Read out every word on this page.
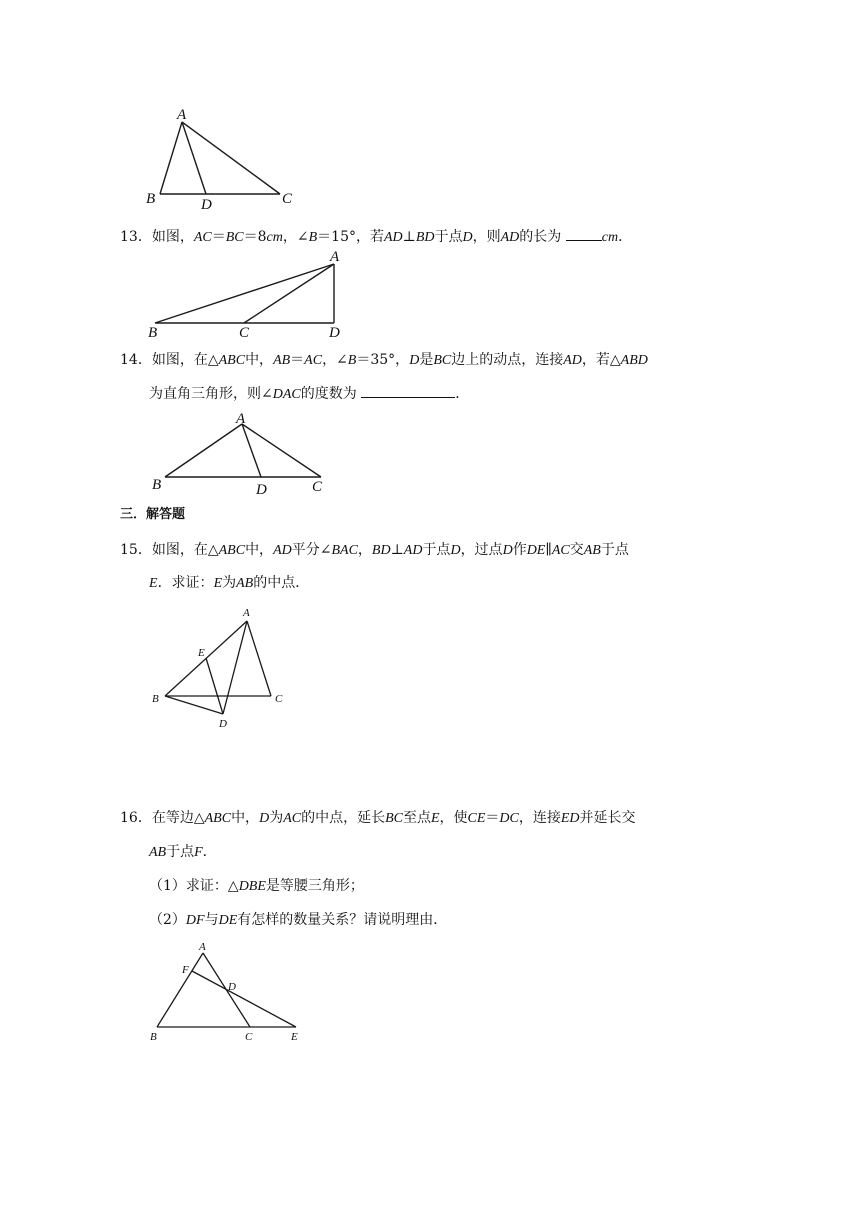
A
B	D	C
13．如图，AC＝BC＝8cm，∠B＝15°，若AD⊥BD于点D，则AD的长为	cm．
A
B	C	D
14．如图，在△ABC中，AB＝AC，∠B＝35°，D是BC边上的动点，连接AD，若△ABD
为直角三角形，则∠DAC的度数为	．
A
B	D	C
三．解答题
15．如图，在△ABC中，AD平分∠BAC，BD⊥AD于点D，过点D作DE∥AC交AB于点
E．求证：E为AB的中点．
A
E
B	C
D
16．在等边△ABC中，D为AC的中点，延长BC至点E，使CE＝DC，连接ED并延长交
AB于点F．
（1）求证：△DBE是等腰三角形；
（2）DF与DE有怎样的数量关系？请说明理由．
A
F
D
B	C	E
